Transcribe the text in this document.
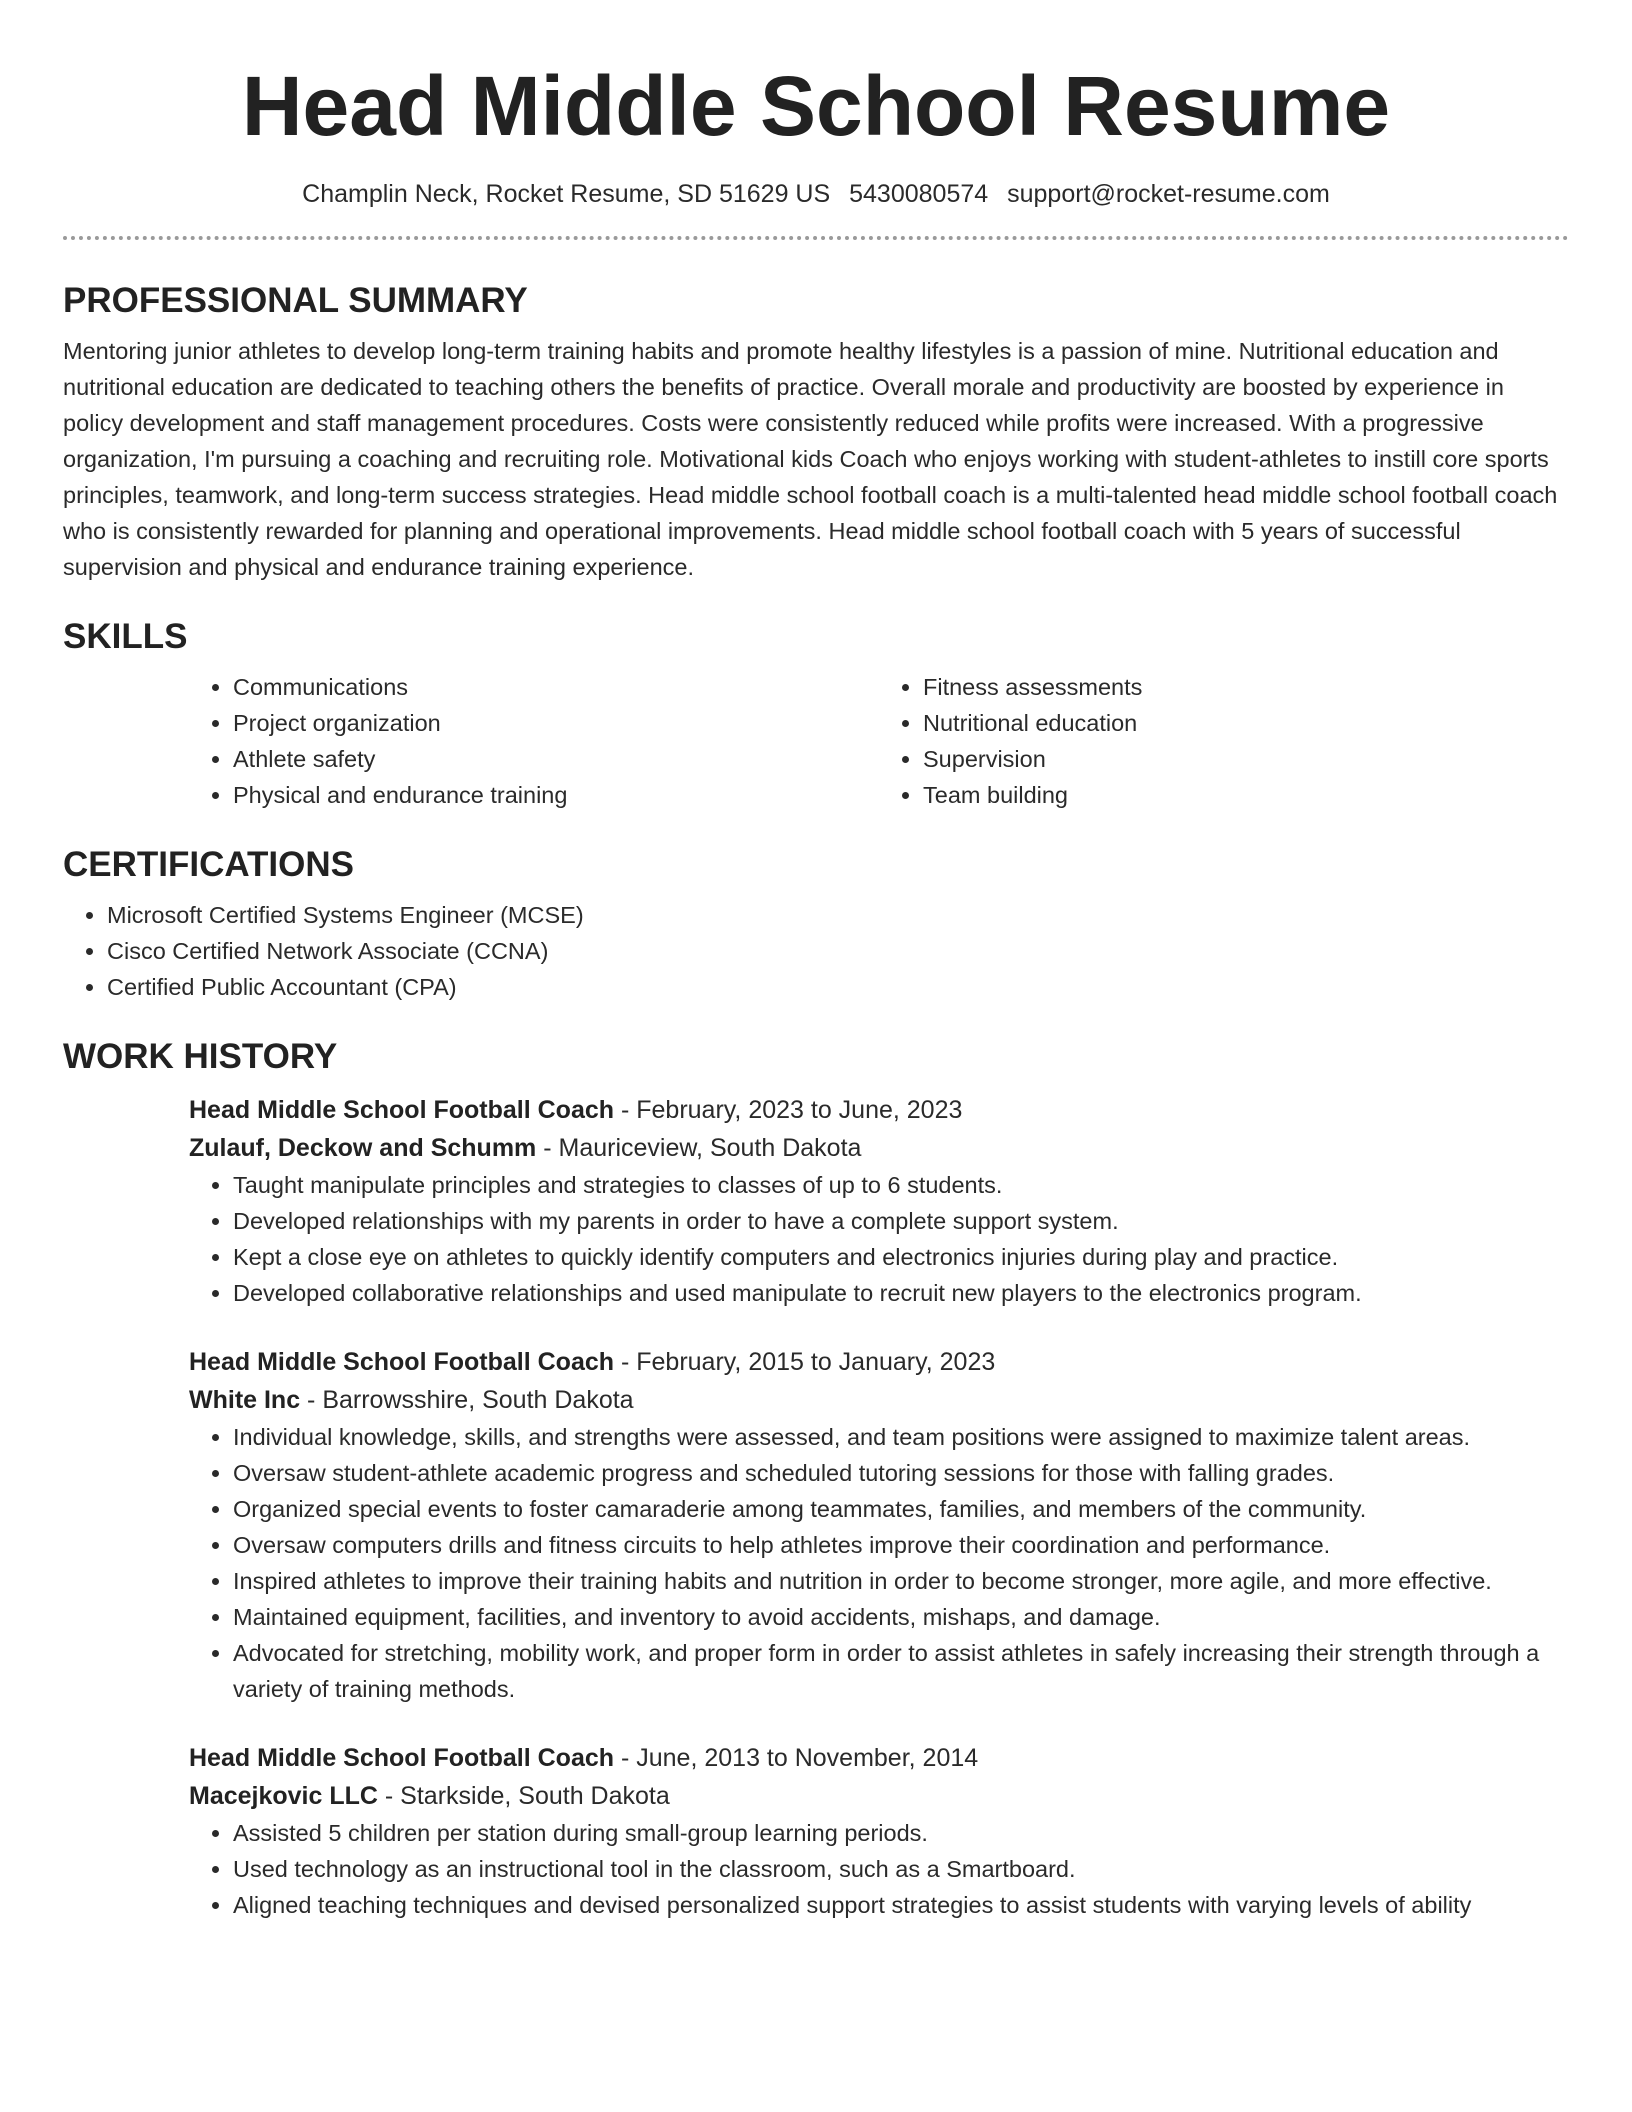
Head Middle School Resume
Champlin Neck, Rocket Resume, SD 51629 US 5430080574 support@rocket-resume.com
PROFESSIONAL SUMMARY

Mentoring junior athletes to develop long-term training habits and promote healthy lifestyles is a passion of mine. Nutritional education and nutritional education are dedicated to teaching others the benefits of practice. Overall morale and productivity are boosted by experience in policy development and staff management procedures. Costs were consistently reduced while profits were increased. With a progressive organization, I'm pursuing a coaching and recruiting role. Motivational kids Coach who enjoys working with student-athletes to instill core sports principles, teamwork, and long-term success strategies. Head middle school football coach is a multi-talented head middle school football coach who is consistently rewarded for planning and operational improvements. Head middle school football coach with 5 years of successful supervision and physical and endurance training experience.

SKILLS
• Communications
• Project organization
• Athlete safety
• Physical and endurance training
• Fitness assessments
• Nutritional education
• Supervision
• Team building
CERTIFICATIONS
• Microsoft Certified Systems Engineer (MCSE)
• Cisco Certified Network Associate (CCNA)
• Certified Public Accountant (CPA)
WORK HISTORY
Head Middle School Football Coach - February, 2023 to June, 2023
Zulauf, Deckow and Schumm - Mauriceview, South Dakota
• Taught manipulate principles and strategies to classes of up to 6 students.
• Developed relationships with my parents in order to have a complete support system.
• Kept a close eye on athletes to quickly identify computers and electronics injuries during play and practice.
• Developed collaborative relationships and used manipulate to recruit new players to the electronics program.
Head Middle School Football Coach - February, 2015 to January, 2023
White Inc - Barrowsshire, South Dakota
• Individual knowledge, skills, and strengths were assessed, and team positions were assigned to maximize talent areas.
• Oversaw student-athlete academic progress and scheduled tutoring sessions for those with falling grades.
• Organized special events to foster camaraderie among teammates, families, and members of the community.
• Oversaw computers drills and fitness circuits to help athletes improve their coordination and performance.
• Inspired athletes to improve their training habits and nutrition in order to become stronger, more agile, and more effective.
• Maintained equipment, facilities, and inventory to avoid accidents, mishaps, and damage.
• Advocated for stretching, mobility work, and proper form in order to assist athletes in safely increasing their strength through a variety of training methods.
Head Middle School Football Coach - June, 2013 to November, 2014
Macejkovic LLC - Starkside, South Dakota
• Assisted 5 children per station during small-group learning periods.
• Used technology as an instructional tool in the classroom, such as a Smartboard.
• Aligned teaching techniques and devised personalized support strategies to assist students with varying levels of ability
